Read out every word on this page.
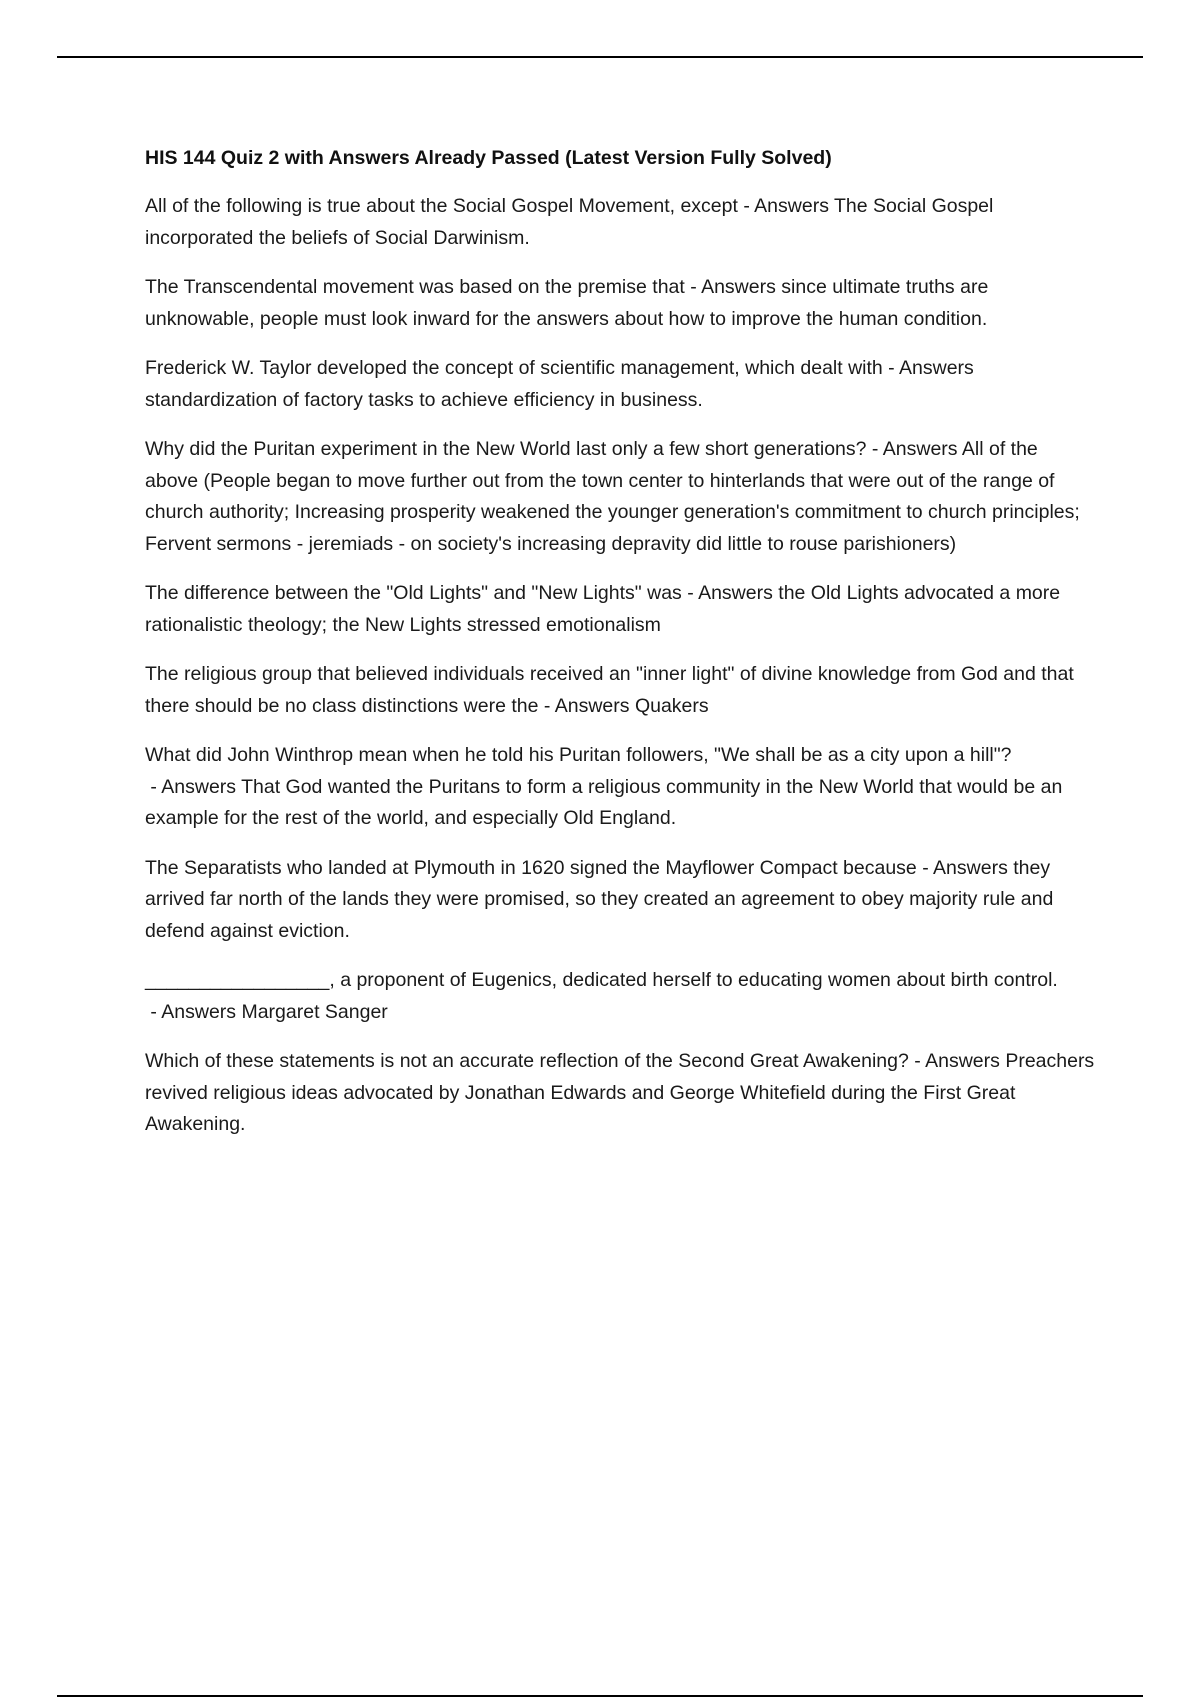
HIS 144 Quiz 2 with Answers Already Passed (Latest Version Fully Solved)

All of the following is true about the Social Gospel Movement, except - Answers The Social Gospel incorporated the beliefs of Social Darwinism.

The Transcendental movement was based on the premise that - Answers since ultimate truths are unknowable, people must look inward for the answers about how to improve the human condition.

Frederick W. Taylor developed the concept of scientific management, which dealt with - Answers standardization of factory tasks to achieve efficiency in business.

Why did the Puritan experiment in the New World last only a few short generations? - Answers All of the above (People began to move further out from the town center to hinterlands that were out of the range of church authority; Increasing prosperity weakened the younger generation's commitment to church principles; Fervent sermons - jeremiads - on society's increasing depravity did little to rouse parishioners)

The difference between the "Old Lights" and "New Lights" was - Answers the Old Lights advocated a more rationalistic theology; the New Lights stressed emotionalism

The religious group that believed individuals received an "inner light" of divine knowledge from God and that there should be no class distinctions were the - Answers Quakers

What did John Winthrop mean when he told his Puritan followers, "We shall be as a city upon a hill"? - Answers That God wanted the Puritans to form a religious community in the New World that would be an example for the rest of the world, and especially Old England.

The Separatists who landed at Plymouth in 1620 signed the Mayflower Compact because - Answers they arrived far north of the lands they were promised, so they created an agreement to obey majority rule and defend against eviction.

_________________, a proponent of Eugenics, dedicated herself to educating women about birth control. - Answers Margaret Sanger

Which of these statements is not an accurate reflection of the Second Great Awakening? - Answers Preachers revived religious ideas advocated by Jonathan Edwards and George Whitefield during the First Great Awakening.
